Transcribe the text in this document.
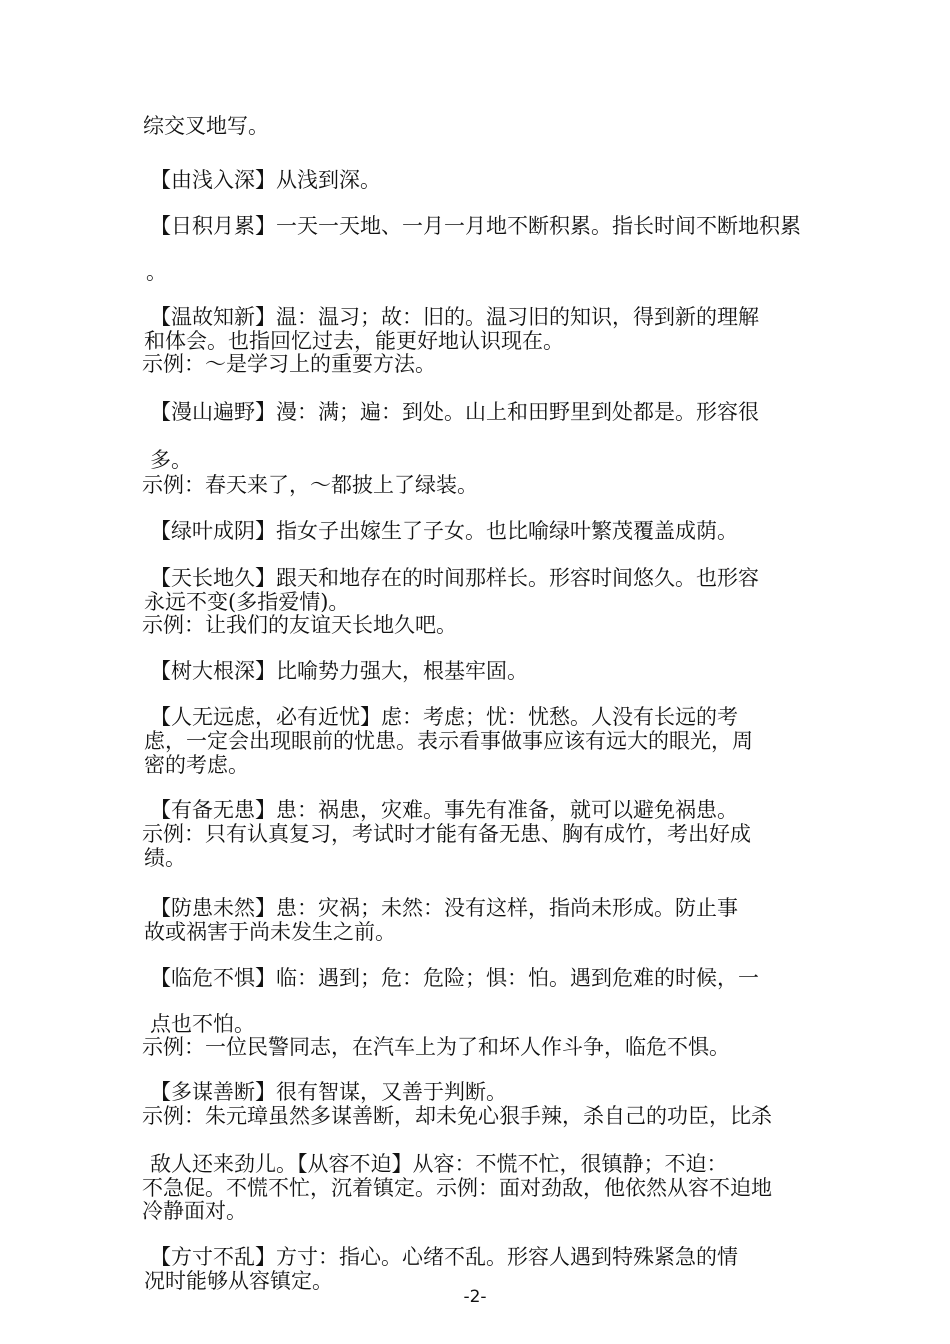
综交叉地写。
【由浅入深】从浅到深。
【日积月累】一天一天地、一月一月地不断积累。指长时间不断地积累
。
【温故知新】温：温习；故：旧的。温习旧的知识，得到新的理解
和体会。也指回忆过去，能更好地认识现在。
示例：～是学习上的重要方法。
【漫山遍野】漫：满；遍：到处。山上和田野里到处都是。形容很
多。
示例：春天来了，～都披上了绿装。
【绿叶成阴】指女子出嫁生了子女。也比喻绿叶繁茂覆盖成荫。
【天长地久】跟天和地存在的时间那样长。形容时间悠久。也形容
永远不变(多指爱情)。
示例：让我们的友谊天长地久吧。
【树大根深】比喻势力强大，根基牢固。
【人无远虑，必有近忧】虑：考虑；忧：忧愁。人没有长远的考
虑，一定会出现眼前的忧患。表示看事做事应该有远大的眼光，周
密的考虑。
【有备无患】患：祸患，灾难。事先有准备，就可以避免祸患。
示例：只有认真复习，考试时才能有备无患、胸有成竹，考出好成
绩。
【防患未然】患：灾祸；未然：没有这样，指尚未形成。防止事
故或祸害于尚未发生之前。
【临危不惧】临：遇到；危：危险；惧：怕。遇到危难的时候，一
点也不怕。
示例：一位民警同志，在汽车上为了和坏人作斗争，临危不惧。
【多谋善断】很有智谋，又善于判断。
示例：朱元璋虽然多谋善断，却未免心狠手辣，杀自己的功臣，比杀
敌人还来劲儿。【从容不迫】从容：不慌不忙，很镇静；不迫：
不急促。不慌不忙，沉着镇定。示例：面对劲敌，他依然从容不迫地
冷静面对。
【方寸不乱】方寸：指心。心绪不乱。形容人遇到特殊紧急的情
况时能够从容镇定。
-2-
